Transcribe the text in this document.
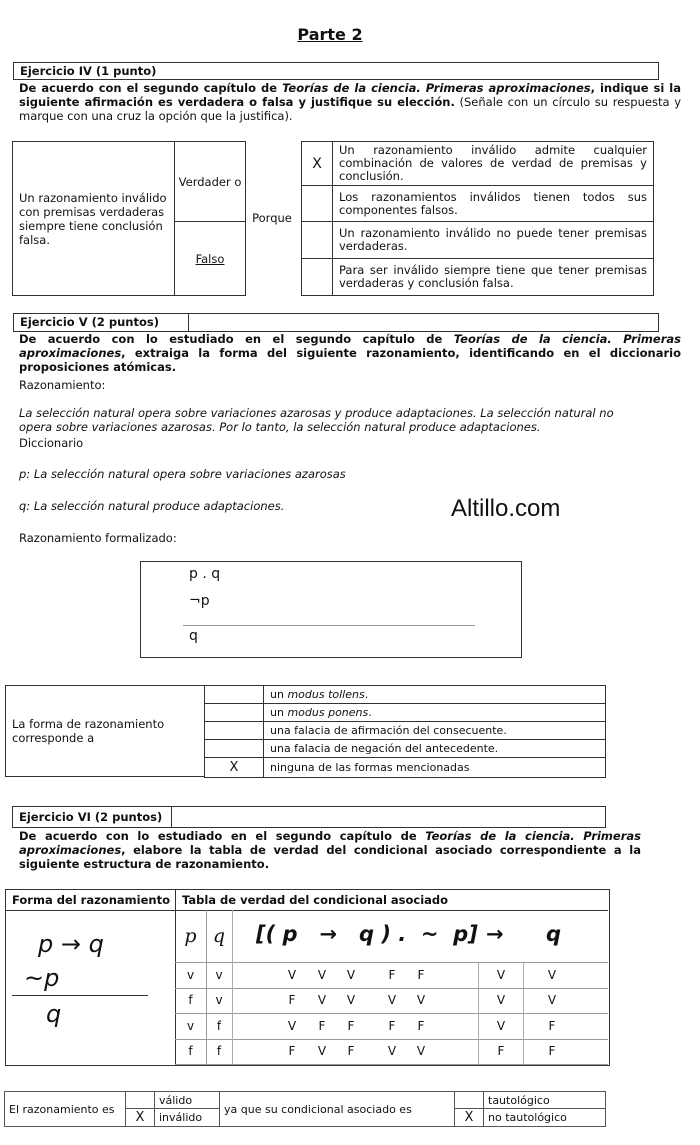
Parte 2
Ejercicio IV (1 punto)
De acuerdo con el segundo capítulo de Teorías de la ciencia. Primeras aproximaciones, indique si la siguiente afirmación es verdadera o falsa y justifique su elección. (Señale con un círculo su respuesta y marque con una cruz la opción que la justifica).
Un razonamiento inválido con premisas verdaderas siempre tiene conclusión falsa.
Verdader o
Falso
Porque
X	Un razonamiento inválido admite cualquier combinación de valores de verdad de premisas y conclusión.
	Los razonamientos inválidos tienen todos sus componentes falsos.
	Un razonamiento inválido no puede tener premisas verdaderas.
	Para ser inválido siempre tiene que tener premisas verdaderas y conclusión falsa.
Ejercicio V (2 puntos)
De acuerdo con lo estudiado en el segundo capítulo de Teorías de la ciencia. Primeras aproximaciones, extraiga la forma del siguiente razonamiento, identificando en el diccionario proposiciones atómicas.
Razonamiento:
La selección natural opera sobre variaciones azarosas y produce adaptaciones. La selección natural no opera sobre variaciones azarosas. Por lo tanto, la selección natural produce adaptaciones.
Diccionario
p: La selección natural opera sobre variaciones azarosas
q: La selección natural produce adaptaciones.	Altillo.com
Razonamiento formalizado:
p . q
¬p
q
La forma de razonamiento corresponde a
	un modus tollens.
	un modus ponens.
	una falacia de afirmación del consecuente.
	una falacia de negación del antecedente.
X	ninguna de las formas mencionadas
Ejercicio VI (2 puntos)
De acuerdo con lo estudiado en el segundo capítulo de Teorías de la ciencia. Primeras aproximaciones, elabore la tabla de verdad del condicional asociado correspondiente a la siguiente estructura de razonamiento.
Forma del razonamiento Tabla de verdad del condicional asociado
p → q
~p
q
p q	[( p   →   q ) .  ~  p] → q
v	v	V	V	V	F	F	V	V
f	v	F	V	V	V	V	V	V
v	f	V	F	F	F	F	V	F
f	f	F	V	F	V	V	F	F
El razonamiento es		válido	ya que su condicional asociado es		tautológico
	X	inválido		X	no tautológico
